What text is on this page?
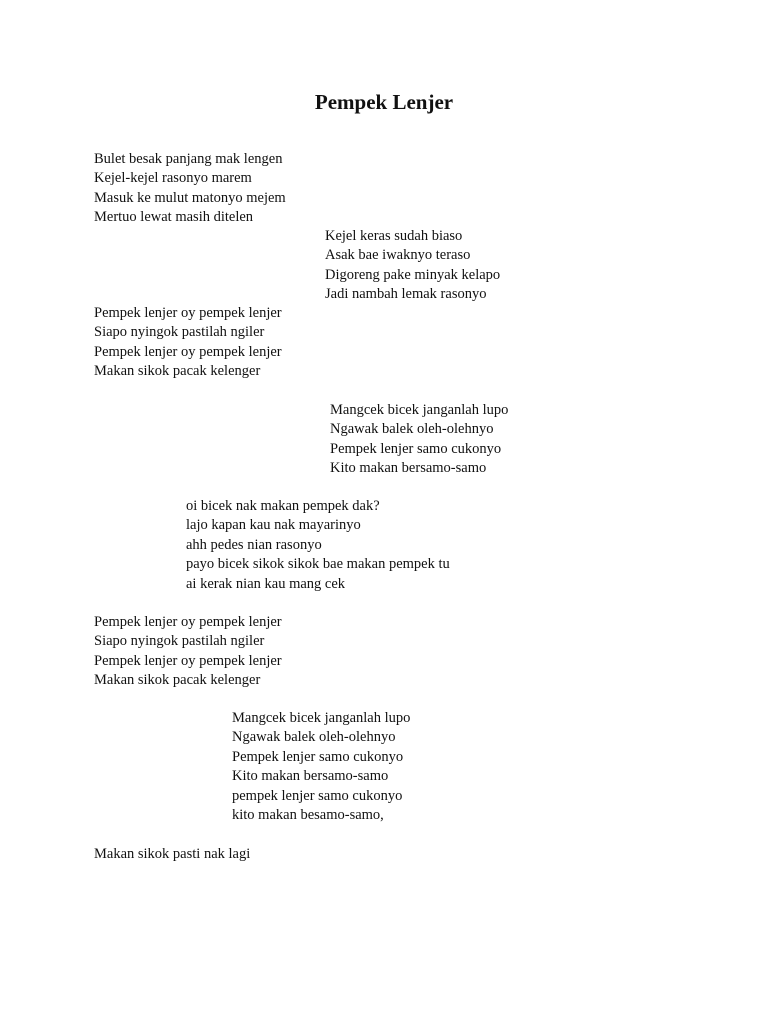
Pempek Lenjer
Bulet besak panjang mak lengen
Kejel-kejel rasonyo marem
Masuk ke mulut matonyo mejem
Mertuo lewat masih ditelen
Kejel keras sudah biaso
Asak bae iwaknyo teraso
Digoreng pake minyak kelapo
Jadi nambah lemak rasonyo
Pempek lenjer oy pempek lenjer
Siapo nyingok pastilah ngiler
Pempek lenjer oy pempek lenjer
Makan sikok pacak kelenger
Mangcek bicek janganlah lupo
Ngawak balek oleh-olehnyo
Pempek lenjer samo cukonyo
Kito makan bersamo-samo
oi bicek nak makan pempek dak?
lajo kapan kau nak mayarinyo
ahh pedes nian rasonyo
payo bicek sikok sikok bae makan pempek tu
ai kerak nian kau mang cek
Pempek lenjer oy pempek lenjer
Siapo nyingok pastilah ngiler
Pempek lenjer oy pempek lenjer
Makan sikok pacak kelenger
Mangcek bicek janganlah lupo
Ngawak balek oleh-olehnyo
Pempek lenjer samo cukonyo
Kito makan bersamo-samo
pempek lenjer samo cukonyo
kito makan besamo-samo,
Makan sikok pasti nak lagi
